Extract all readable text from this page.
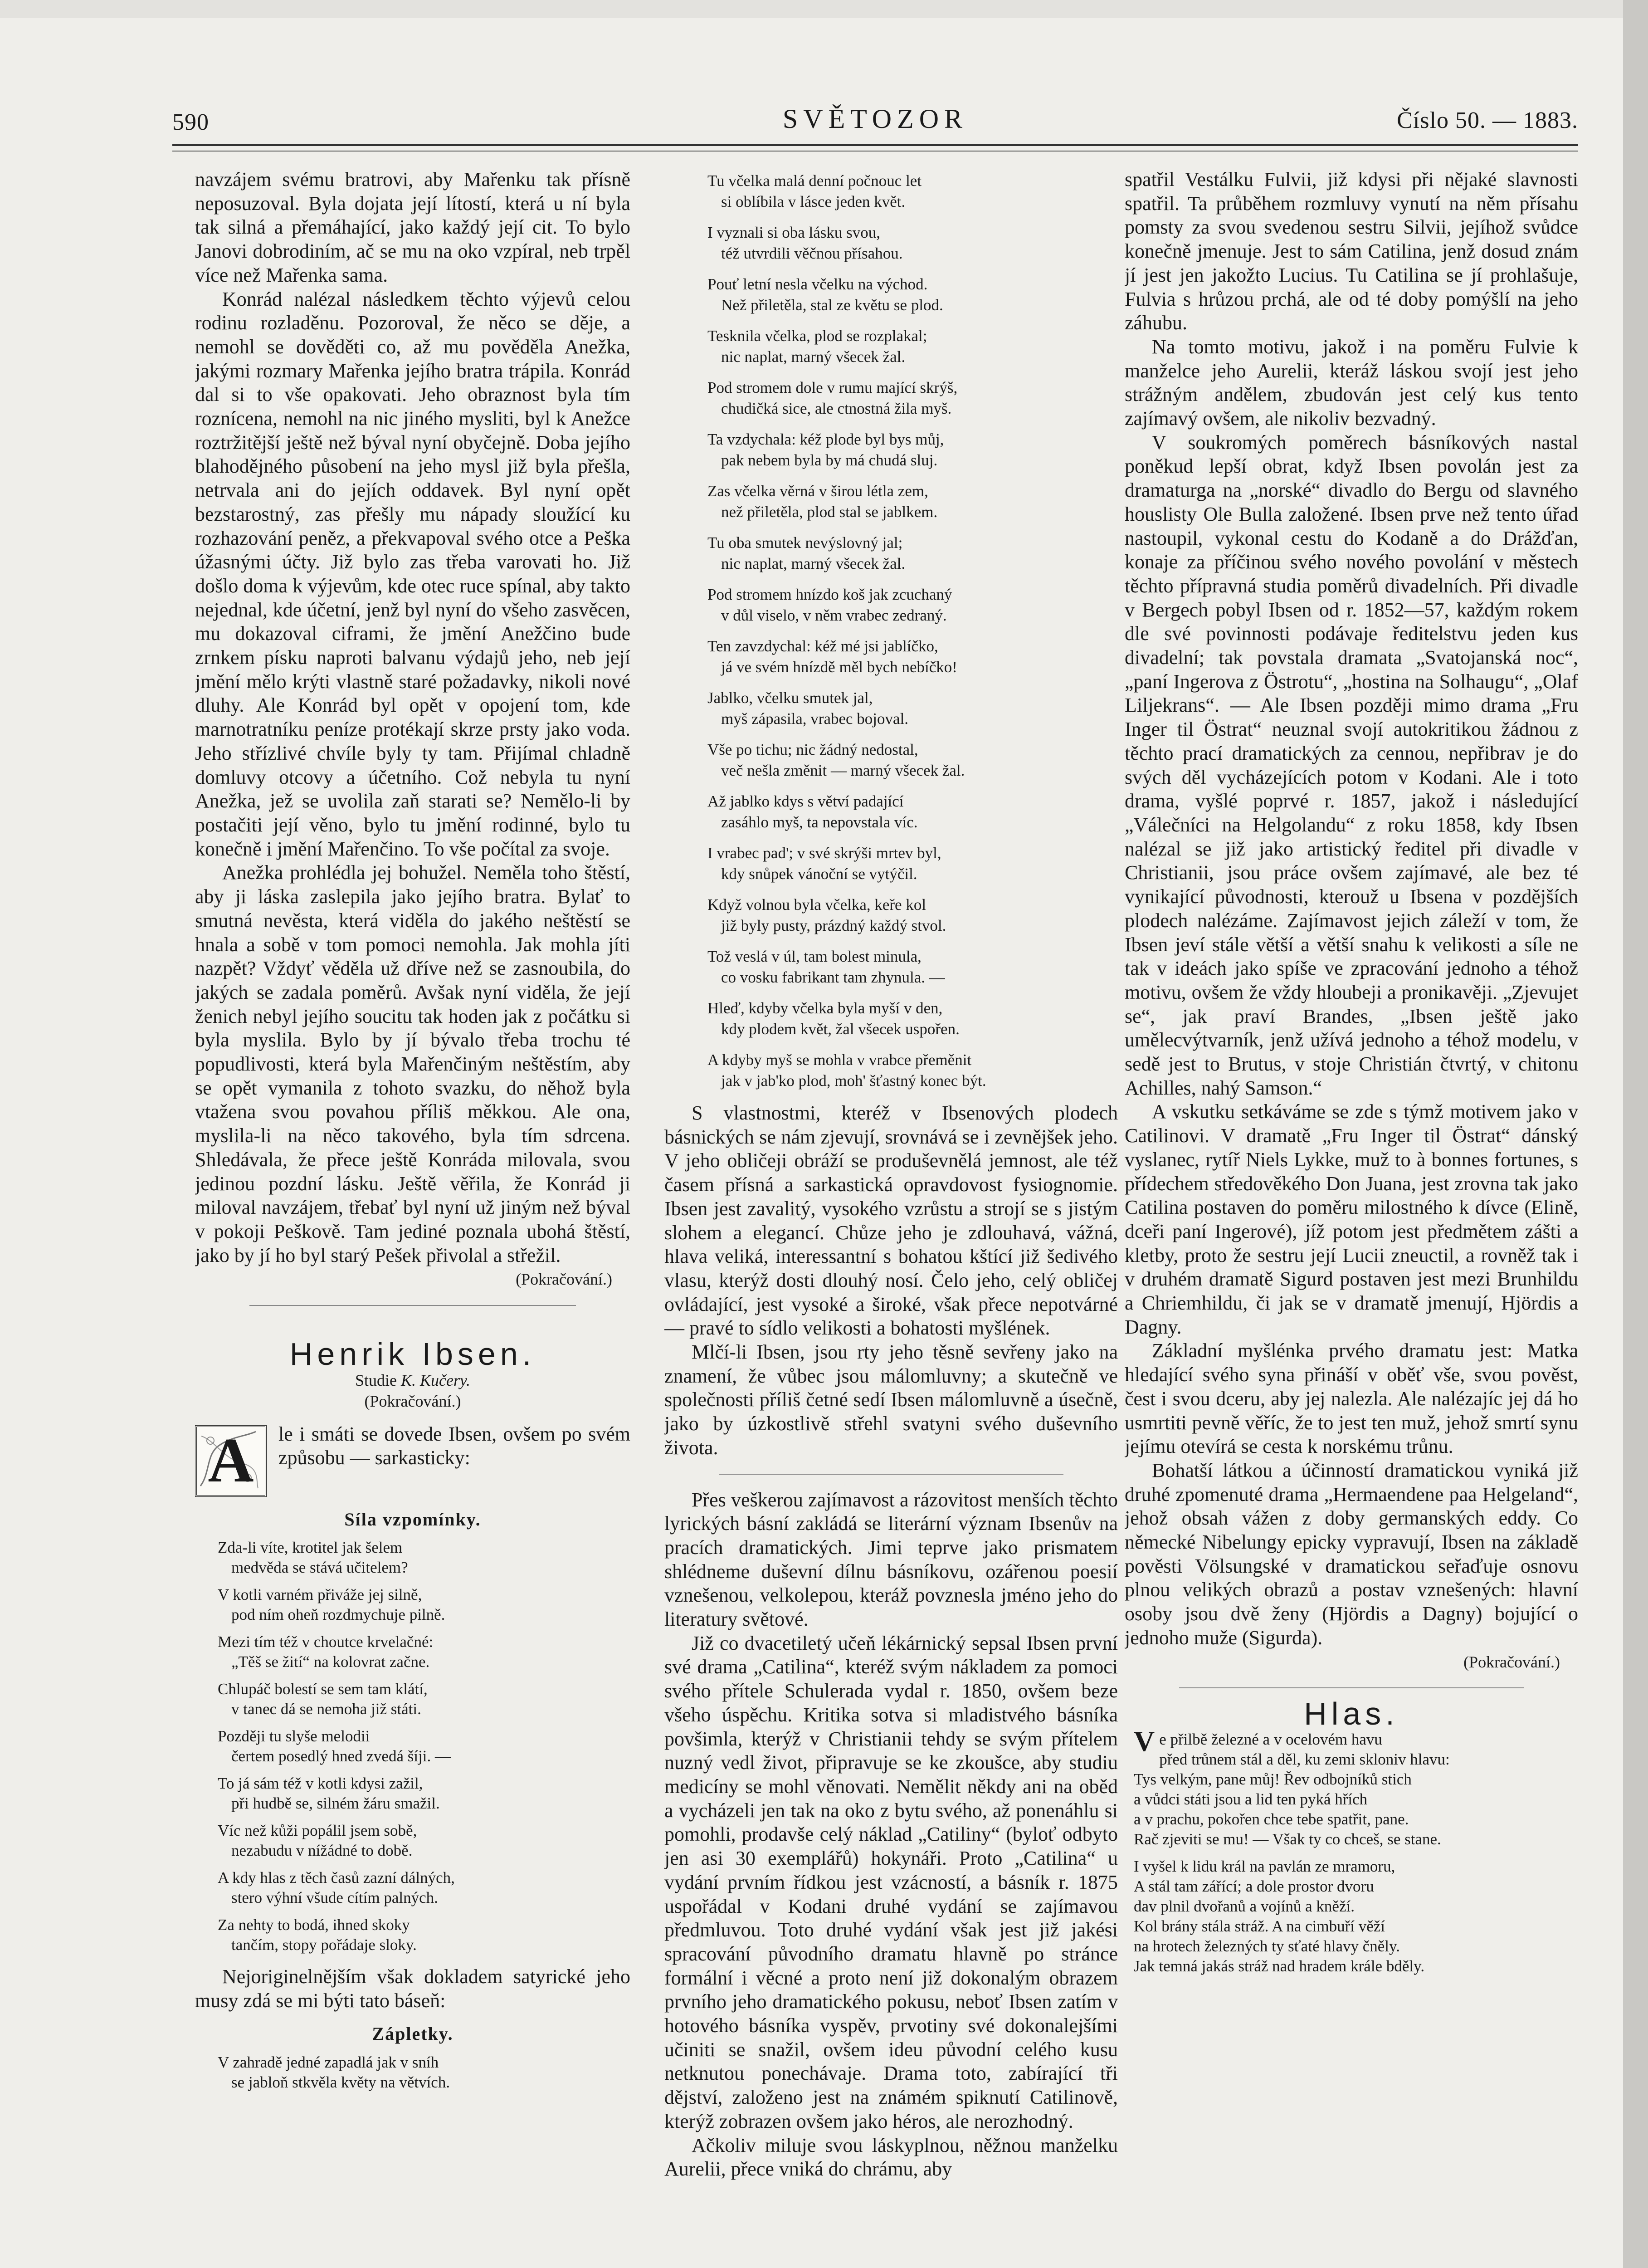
590	SVĚTOZOR	Číslo 50. — 1883.

navzájem svému bratrovi, aby Mařenku tak přísně neposuzoval. Byla dojata její lítostí, která u ní byla tak silná a přemáhající, jako každý její cit. To bylo Janovi dobrodiním, ač se mu na oko vzpíral, neb trpěl více než Mařenka sama.

Konrád nalézal následkem těchto výjevů celou rodinu rozladěnu. Pozoroval, že něco se děje, a nemohl se dověděti co, až mu pověděla Anežka, jakými rozmary Mařenka jejího bratra trápila. Konrád dal si to vše opakovati. Jeho obraznost byla tím roznícena, nemohl na nic jiného mysliti, byl k Anežce roztržitější ještě než býval nyní obyčejně. Doba jejího blahodějného působení na jeho mysl již byla přešla, netrvala ani do jejích oddavek. Byl nyní opět bezstarostný, zas přešly mu nápady sloužící ku rozhazování peněz, a překvapoval svého otce a Peška úžasnými účty. Již bylo zas třeba varovati ho. Již došlo doma k výjevům, kde otec ruce spínal, aby takto nejednal, kde účetní, jenž byl nyní do všeho zasvěcen, mu dokazoval ciframi, že jmění Anežčino bude zrnkem písku naproti balvanu výdajů jeho, neb její jmění mělo krýti vlastně staré požadavky, nikoli nové dluhy. Ale Konrád byl opět v opojení tom, kde marnotratníku peníze protékají skrze prsty jako voda. Jeho střízlivé chvíle byly ty tam. Přijímal chladně domluvy otcovy a účetního. Což nebyla tu nyní Anežka, jež se uvolila zaň starati se? Nemělo-li by postačiti její věno, bylo tu jmění rodinné, bylo tu konečně i jmění Mařenčino. To vše počítal za svoje.

Anežka prohlédla jej bohužel. Neměla toho štěstí, aby ji láska zaslepila jako jejího bratra. Bylať to smutná nevěsta, která viděla do jakého neštěstí se hnala a sobě v tom pomoci nemohla. Jak mohla jíti nazpět? Vždyť věděla už dříve než se zasnoubila, do jakých se zadala poměrů. Avšak nyní viděla, že její ženich nebyl jejího soucitu tak hoden jak z počátku si byla myslila. Bylo by jí bývalo třeba trochu té popudlivosti, která byla Mařenčiným neštěstím, aby se opět vymanila z tohoto svazku, do něhož byla vtažena svou povahou příliš měkkou. Ale ona, myslila-li na něco takového, byla tím sdrcena. Shledávala, že přece ještě Konráda milovala, svou jedinou pozdní lásku. Ještě věřila, že Konrád ji miloval navzájem, třebať byl nyní už jiným než býval v pokoji Peškově. Tam jediné poznala ubohá štěstí, jako by jí ho byl starý Pešek přivolal a střežil.

(Pokračování.)
Henrik Ibsen.
Studie K. Kučery.
(Pokračování.)

A	le i smáti se dovede Ibsen, ovšem po svém způsobu — sarkasticky:

Síla vzpomínky.
Zda-li víte, krotitel jak šelem
medvěda se stává učitelem?
V kotli varném přiváže jej silně,
pod ním oheň rozdmychuje pilně.
Mezi tím též v choutce krvelačné:
„Těš se žití“ na kolovrat začne.
Chlupáč bolestí se sem tam klátí,
v tanec dá se nemoha již státi.
Později tu slyše melodii
čertem posedlý hned zvedá šíji. —
To já sám též v kotli kdysi zažil,
při hudbě se, silném žáru smažil.
Víc než kůži popálil jsem sobě,
nezabudu v nížádné to době.
A kdy hlas z těch časů zazní dálných,
stero výhní všude cítím palných.
Za nehty to bodá, ihned skoky
tančím, stopy pořádaje sloky.

Nejoriginelnějším však dokladem satyrické jeho musy zdá se mi býti tato báseň:

Zápletky.
V zahradě jedné zapadlá jak v sníh
se jabloň stkvěla květy na větvích.
Tu včelka malá denní počnouc let
si oblíbila v lásce jeden květ.
I vyznali si oba lásku svou,
též utvrdili věčnou přísahou.
Pouť letní nesla včelku na východ.
Než přiletěla, stal ze květu se plod.
Tesknila včelka, plod se rozplakal;
nic naplat, marný všecek žal.
Pod stromem dole v rumu mající skrýš,
chudičká sice, ale ctnostná žila myš.
Ta vzdychala: kéž plode byl bys můj,
pak nebem byla by má chudá sluj.
Zas včelka věrná v širou létla zem,
než přiletěla, plod stal se jablkem.
Tu oba smutek nevýslovný jal;
nic naplat, marný všecek žal.
Pod stromem hnízdo koš jak zcuchaný
v důl viselo, v něm vrabec zedraný.
Ten zavzdychal: kéž mé jsi jablíčko,
já ve svém hnízdě měl bych nebíčko!
Jablko, včelku smutek jal,
myš zápasila, vrabec bojoval.
Vše po tichu; nic žádný nedostal,
več nešla změnit — marný všecek žal.
Až jablko kdys s větví padající
zasáhlo myš, ta nepovstala víc.
I vrabec pad'; v své skrýši mrtev byl,
kdy snůpek vánoční se vytýčil.
Když volnou byla včelka, keře kol
již byly pusty, prázdný každý stvol.
Tož veslá v úl, tam bolest minula,
co vosku fabrikant tam zhynula. —
Hleď, kdyby včelka byla myší v den,
kdy plodem květ, žal všecek uspořen.
A kdyby myš se mohla v vrabce přeměnit
jak v jab'ko plod, moh' šťastný konec být.

S vlastnostmi, kteréž v Ibsenových plodech básnických se nám zjevují, srovnává se i zevnějšek jeho. V jeho obličeji obráží se produševnělá jemnost, ale též časem přísná a sarkastická opravdovost fysiognomie. Ibsen jest zavalitý, vysokého vzrůstu a strojí se s jistým slohem a elegancí. Chůze jeho je zdlouhavá, vážná, hlava veliká, interessantní s bohatou kštící již šedivého vlasu, kterýž dosti dlouhý nosí. Čelo jeho, celý obličej ovládající, jest vysoké a široké, však přece nepotvárné — pravé to sídlo velikosti a bohatosti myšlének.

Mlčí-li Ibsen, jsou rty jeho těsně sevřeny jako na znamení, že vůbec jsou málomluvny; a skutečně ve společnosti příliš četné sedí Ibsen málomluvně a úsečně, jako by úzkostlivě střehl svatyni svého duševního života.

Přes veškerou zajímavost a rázovitost menších těchto lyrických básní zakládá se literární význam Ibsenův na pracích dramatických. Jimi teprve jako prismatem shlédneme duševní dílnu básníkovu, ozářenou poesií vznešenou, velkolepou, kteráž povznesla jméno jeho do literatury světové.

Již co dvacetiletý učeň lékárnický sepsal Ibsen první své drama „Catilina“, kteréž svým nákladem za pomoci svého přítele Schulerada vydal r. 1850, ovšem beze všeho úspěchu. Kritika sotva si mladistvého básníka povšimla, kterýž v Christianii tehdy se svým přítelem nuzný vedl život, připravuje se ke zkoušce, aby studiu medicíny se mohl věnovati. Nemělit někdy ani na oběd a vycházeli jen tak na oko z bytu svého, až ponenáhlu si pomohli, prodavše celý náklad „Catiliny“ (byloť odbyto jen asi 30 exemplářů) hokynáři. Proto „Catilina“ u vydání prvním řídkou jest vzácností, a básník r. 1875 uspořádal v Kodani druhé vydání se zajímavou předmluvou. Toto druhé vydání však jest již jakési spracování původního dramatu hlavně po stránce formální i věcné a proto není již dokonalým obrazem prvního jeho dramatického pokusu, neboť Ibsen zatím v hotového básníka vyspěv, prvotiny své dokonalejšími učiniti se snažil, ovšem ideu původní celého kusu netknutou ponechávaje. Drama toto, zabírající tři dějství, založeno jest na známém spiknutí Catilinově, kterýž zobrazen ovšem jako héros, ale nerozhodný.

Ačkoliv miluje svou láskyplnou, něžnou manželku Aurelii, přece vniká do chrámu, aby

spatřil Vestálku Fulvii, již kdysi při nějaké slavnosti spatřil. Ta průběhem rozmluvy vynutí na něm přísahu pomsty za svou svedenou sestru Silvii, jejíhož svůdce konečně jmenuje. Jest to sám Catilina, jenž dosud znám jí jest jen jakožto Lucius. Tu Catilina se jí prohlašuje, Fulvia s hrůzou prchá, ale od té doby pomýšlí na jeho záhubu.

Na tomto motivu, jakož i na poměru Fulvie k manželce jeho Aurelii, kteráž láskou svojí jest jeho strážným andělem, zbudován jest celý kus tento zajímavý ovšem, ale nikoliv bezvadný.

V soukromých poměrech básníkových nastal poněkud lepší obrat, když Ibsen povolán jest za dramaturga na „norské“ divadlo do Bergu od slavného houslisty Ole Bulla založené. Ibsen prve než tento úřad nastoupil, vykonal cestu do Kodaně a do Drážďan, konaje za příčinou svého nového povolání v městech těchto přípravná studia poměrů divadelních. Při divadle v Bergech pobyl Ibsen od r. 1852—57, každým rokem dle své povinnosti podávaje ředitelstvu jeden kus divadelní; tak povstala dramata „Svatojanská noc“, „paní Ingerova z Östrotu“, „hostina na Solhaugu“, „Olaf Liljekrans“. — Ale Ibsen později mimo drama „Fru Inger til Östrat“ neuznal svojí autokritikou žádnou z těchto prací dramatických za cennou, nepřibrav je do svých děl vycházejících potom v Kodani. Ale i toto drama, vyšlé poprvé r. 1857, jakož i následující „Válečníci na Helgolandu“ z roku 1858, kdy Ibsen nalézal se již jako artistický ředitel při divadle v Christianii, jsou práce ovšem zajímavé, ale bez té vynikající původnosti, kterouž u Ibsena v pozdějších plodech nalézáme. Zajímavost jejich záleží v tom, že Ibsen jeví stále větší a větší snahu k velikosti a síle ne tak v ideách jako spíše ve zpracování jednoho a téhož motivu, ovšem že vždy hloubeji a pronikavěji. „Zjevujet se“, jak praví Brandes, „Ibsen ještě jako umělecvýtvarník, jenž užívá jednoho a téhož modelu, v sedě jest to Brutus, v stoje Christián čtvrtý, v chitonu Achilles, nahý Samson.“

A vskutku setkáváme se zde s týmž motivem jako v Catilinovi. V dramatě „Fru Inger til Östrat“ dánský vyslanec, rytíř Niels Lykke, muž to à bonnes fortunes, s přídechem středověkého Don Juana, jest zrovna tak jako Catilina postaven do poměru milostného k dívce (Elině, dceři paní Ingerové), jíž potom jest předmětem zášti a kletby, proto že sestru její Lucii zneuctil, a rovněž tak i v druhém dramatě Sigurd postaven jest mezi Brunhildu a Chriemhildu, či jak se v dramatě jmenují, Hjördis a Dagny.

Základní myšlénka prvého dramatu jest: Matka hledající svého syna přináší v oběť vše, svou pověst, čest i svou dceru, aby jej nalezla. Ale nalézajíc jej dá ho usmrtiti pevně věříc, že to jest ten muž, jehož smrtí synu jejímu otevírá se cesta k norskému trůnu.

Bohatší látkou a účinností dramatickou vyniká již druhé zpomenuté drama „Hermaendene paa Helgeland“, jehož obsah vážen z doby germanských eddy. Co německé Nibelungy epicky vypravují, Ibsen na základě pověsti Völsungské v dramatickou seřaďuje osnovu plnou velikých obrazů a postav vznešených: hlavní osoby jsou dvě ženy (Hjördis a Dagny) bojující o jednoho muže (Sigurda).

(Pokračování.)
Hlas.
Ve přilbě železné a v ocelovém havu
před trůnem stál a děl, ku zemi skloniv hlavu:
Tys velkým, pane můj! Řev odbojníků stich
a vůdci státi jsou a lid ten pyká hřích
a v prachu, pokořen chce tebe spatřit, pane.
Rač zjeviti se mu! — Však ty co chceš, se stane.
I vyšel k lidu král na pavlán ze mramoru,
A stál tam zářící; a dole prostor dvoru
dav plnil dvořanů a vojínů a kněží.
Kol brány stála stráž. A na cimbuří věží
na hrotech železných ty sťaté hlavy čněly.
Jak temná jakás stráž nad hradem krále bděly.
